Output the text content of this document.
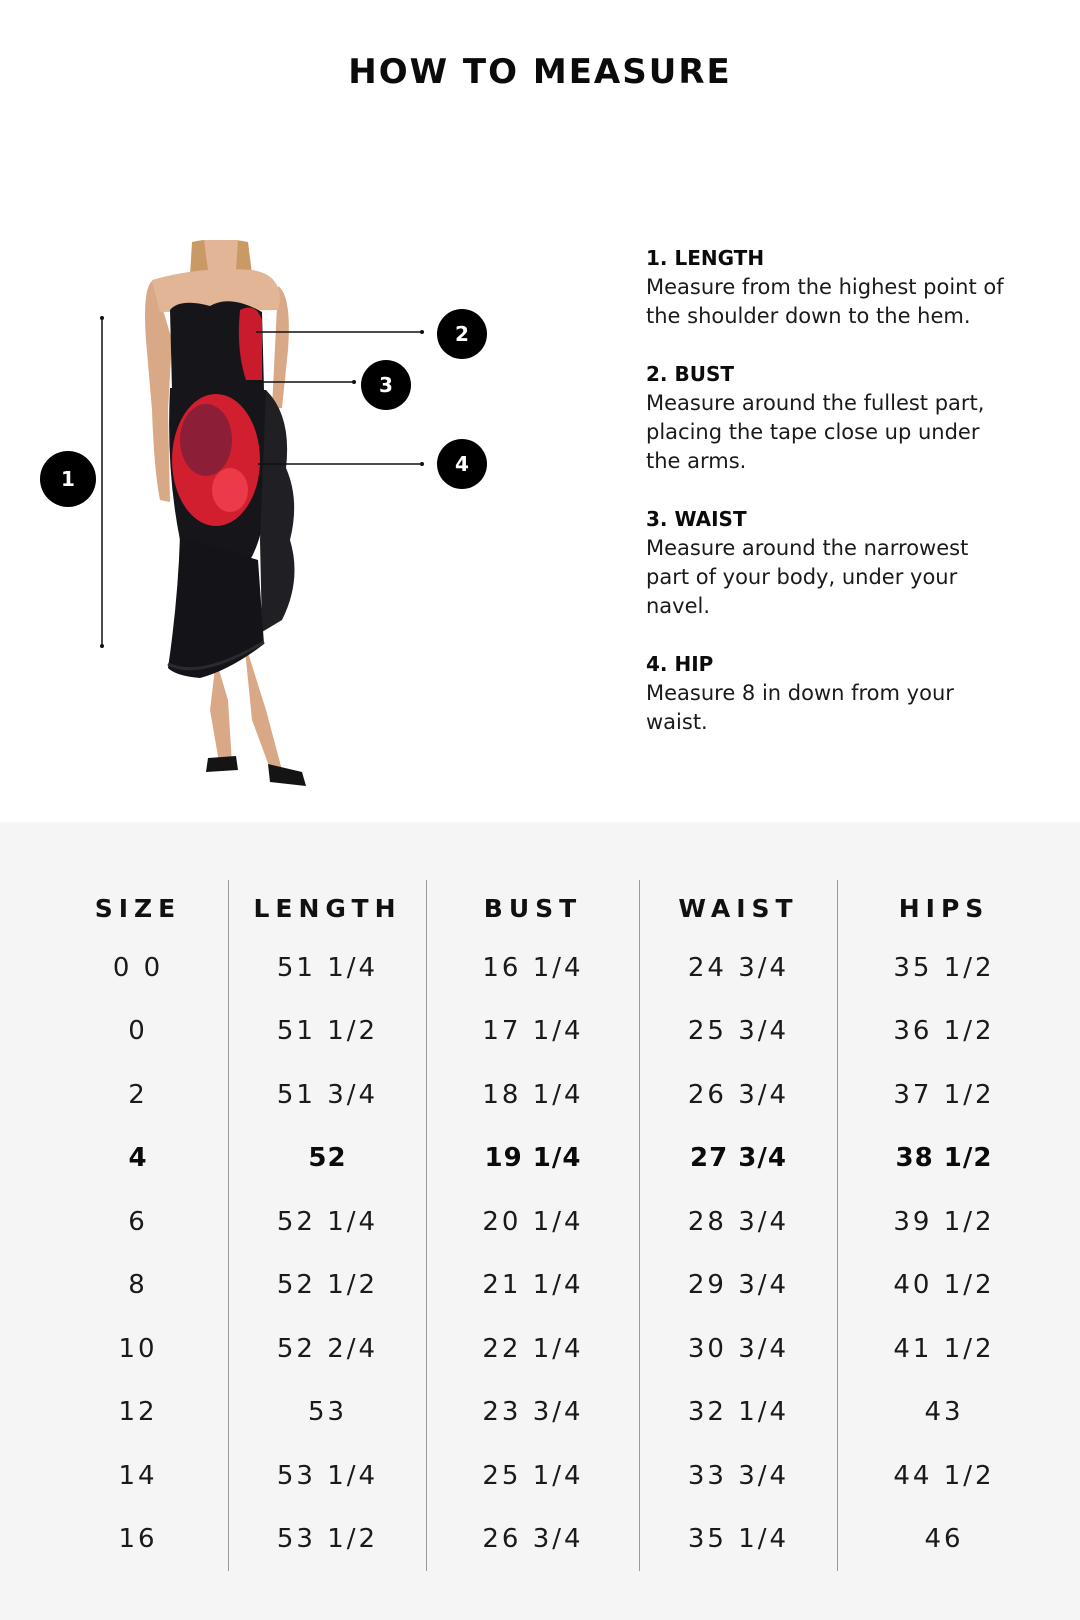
HOW TO MEASURE
1
2
3
4
1. LENGTH
Measure from the highest point of the shoulder down to the hem.
2. BUST
Measure around the fullest part, placing the tape close up under the arms.
3. WAIST
Measure around the narrowest part of your body, under your navel.
4. HIP
Measure 8 in down from your waist.
SIZE	LENGTH	BUST	WAIST	HIPS
0 0	51 1/4	16 1/4	24 3/4	35 1/2
0	51 1/2	17 1/4	25 3/4	36 1/2
2	51 3/4	18 1/4	26 3/4	37 1/2
4	52	19 1/4	27 3/4	38 1/2
6	52 1/4	20 1/4	28 3/4	39 1/2
8	52 1/2	21 1/4	29 3/4	40 1/2
10	52 2/4	22 1/4	30 3/4	41 1/2
12	53	23 3/4	32 1/4	43
14	53 1/4	25 1/4	33 3/4	44 1/2
16	53 1/2	26 3/4	35 1/4	46
